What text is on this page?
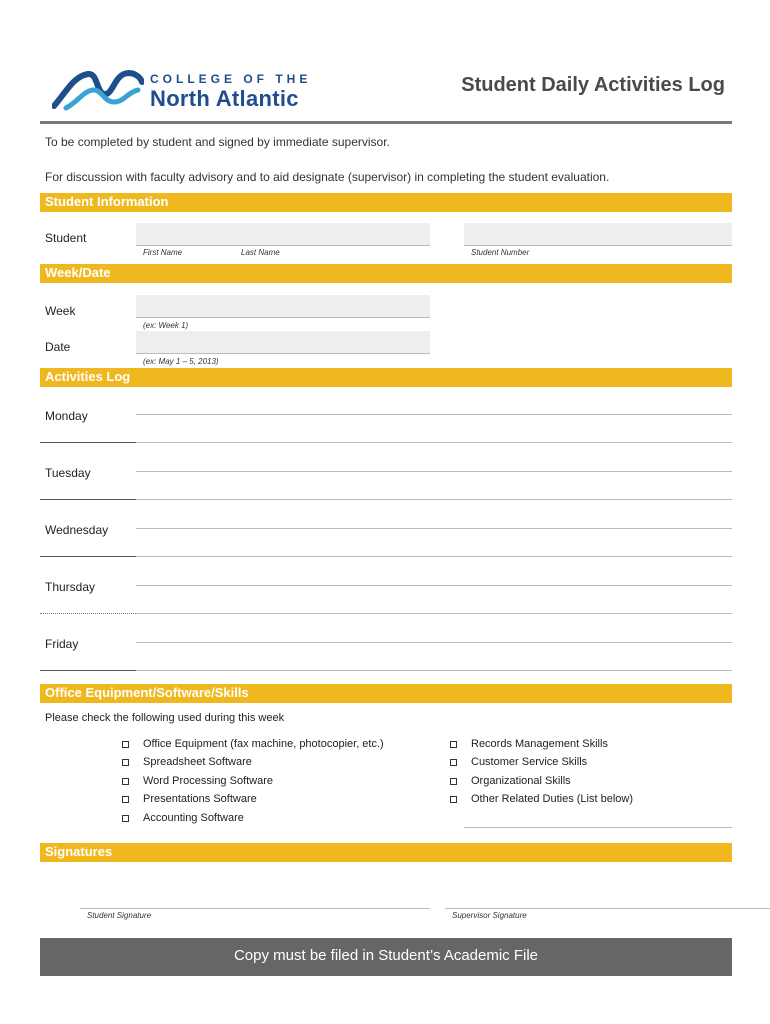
COLLEGE OF THE
North Atlantic
Student Daily Activities Log
To be completed by student and signed by immediate supervisor.
For discussion with faculty advisory and to aid designate (supervisor) in completing the student evaluation.
Student Information
Student
First Name	Last Name	Student Number
Week/Date
Week
(ex: Week 1)
Date
(ex: May 1 – 5, 2013)
Activities Log
Monday
Tuesday
Wednesday
Thursday
Friday
Office Equipment/Software/Skills
Please check the following used during this week
Office Equipment (fax machine, photocopier, etc.)
Spreadsheet Software
Word Processing Software
Presentations Software
Accounting Software
Records Management Skills
Customer Service Skills
Organizational Skills
Other Related Duties (List below)
Signatures
Student Signature	Supervisor Signature
Copy must be filed in Student’s Academic File
